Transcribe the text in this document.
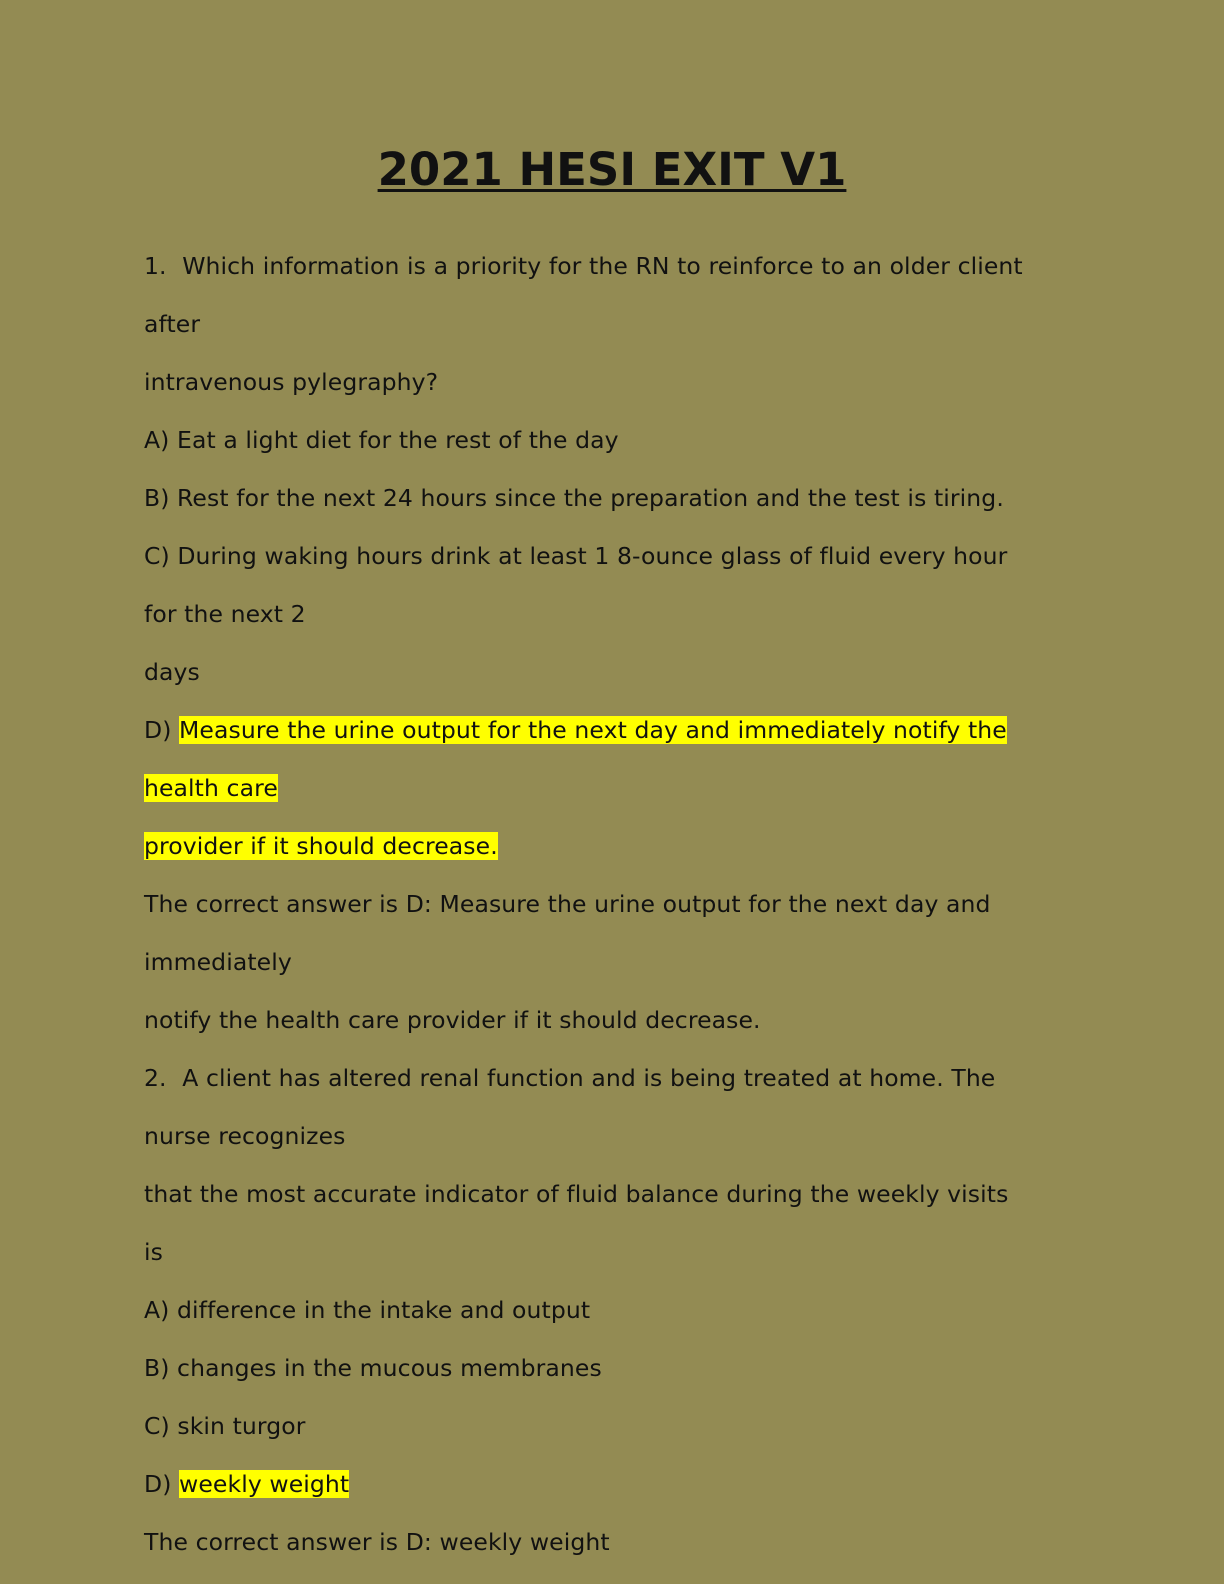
2021 HESI EXIT V1
1. Which information is a priority for the RN to reinforce to an older client
after
intravenous pylegraphy?
A) Eat a light diet for the rest of the day
B) Rest for the next 24 hours since the preparation and the test is tiring.
C) During waking hours drink at least 1 8-ounce glass of fluid every hour
for the next 2
days
D) Measure the urine output for the next day and immediately notify the
health care
provider if it should decrease.
The correct answer is D: Measure the urine output for the next day and
immediately
notify the health care provider if it should decrease.
2. A client has altered renal function and is being treated at home. The
nurse recognizes
that the most accurate indicator of fluid balance during the weekly visits
is
A) difference in the intake and output
B) changes in the mucous membranes
C) skin turgor
D) weekly weight
The correct answer is D: weekly weight
